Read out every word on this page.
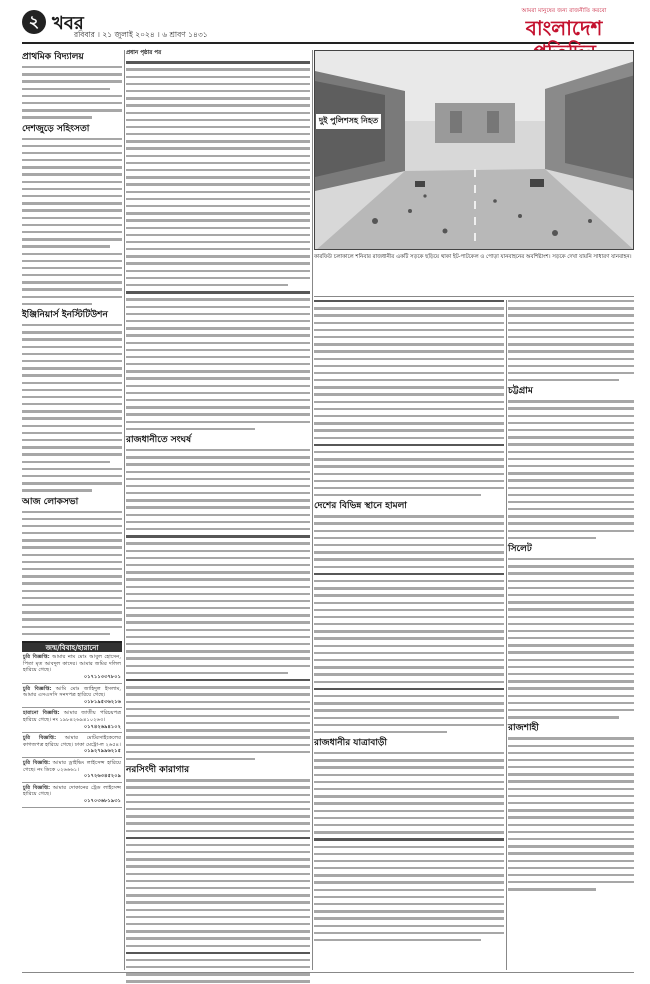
২ খবর
রবিবার । ২১ জুলাই ২০২৪ । ৬ শ্রাবণ ১৪৩১
আমরা মানুষের জন্য রাজনীতি করবো
বাংলাদেশ
প্রাথমিক বিদ্যালয়
দেশজুড়ে সহিংসতা
ইঞ্জিনিয়ার্স ইনস্টিটিউশন
আজ লোকসভা
জন্ম/বিবাহ/হারানো
চুরি বিজ্ঞপ্তি: আমার নাম মোঃ আবুল হোসেন, পিতা মৃত আবদুল কাদের। আমার জমির দলিল হারিয়ে গেছে।
০১৭১১৩৩৭৮০১
চুরি বিজ্ঞপ্তি: আমি মোঃ জাহিদুল ইসলাম, আমার এসএসসি সনদপত্র হারিয়ে গেছে।
০১৮১৯৫৩৬২১৬
হারানো বিজ্ঞপ্তি: আমার জাতীয় পরিচয়পত্র হারিয়ে গেছে। নং ১৯৮৪২৬৯৪১০২৬৩।
০১৭৪২৬৯৪১০২
চুরি বিজ্ঞপ্তি: আমার মোটরসাইকেলের কাগজপত্র হারিয়ে গেছে। ঢাকা মেট্রো-ল ২৬৫৪।
০১৯২৭৯৯৬২১৫
চুরি বিজ্ঞপ্তি: আমার ড্রাইভিং লাইসেন্স হারিয়ে গেছে। নং ডিকে ০২৬৬৬১।
০১৭২৬৩৪৫২০৯
চুরি বিজ্ঞপ্তি: আমার দোকানের ট্রেড লাইসেন্স হারিয়ে গেছে।
০১৭০৩৬৮১৯৩১
প্রধান পৃষ্ঠার পর
রাজধানীতে সংঘর্ষ
নরসিংদী কারাগার
দুই পুলিশসহ নিহত
কারফিউ চলাকালে শনিবার রাজধানীর একটি সড়কে ছড়িয়ে থাকা ইট-পাটকেল ও পোড়া যানবাহনের অবশিষ্টাংশ। সড়কে দেখা যায়নি সাধারণ যানবাহন।
দেশের বিভিন্ন স্থানে হামলা
রাজধানীর যাত্রাবাড়ী
চট্টগ্রাম
সিলেট
রাজশাহী
